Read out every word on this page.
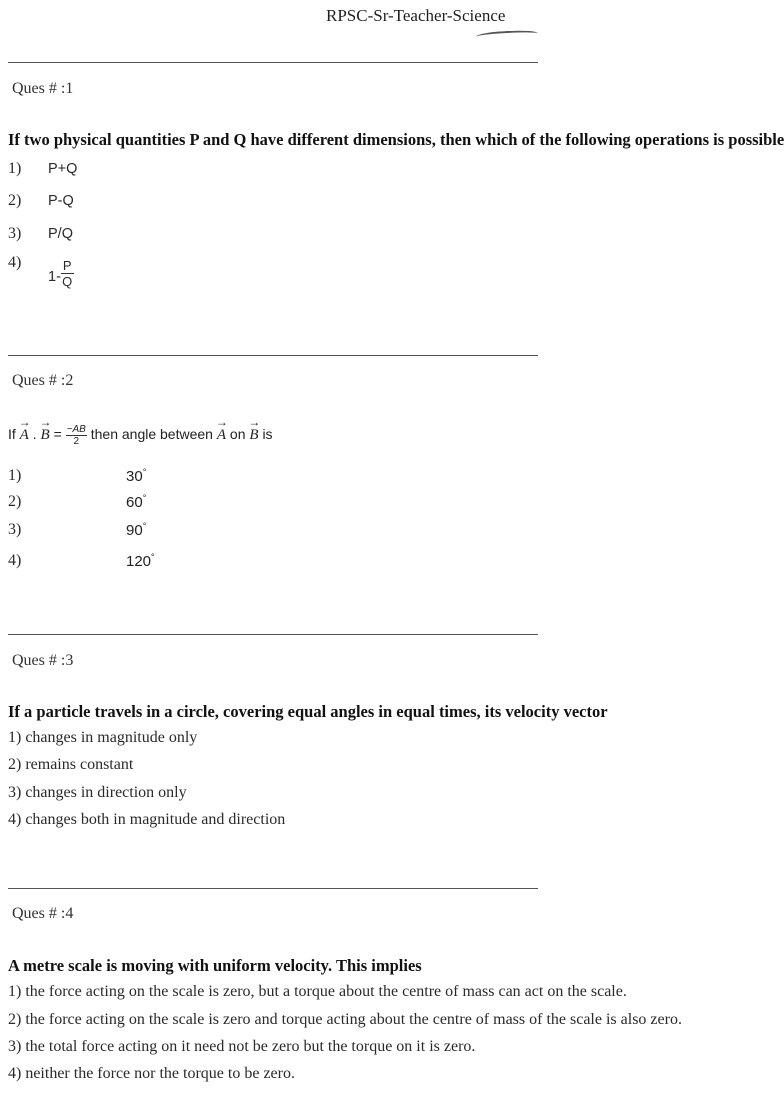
RPSC-Sr-Teacher-Science
Ques # :1
If two physical quantities P and Q have different dimensions, then which of the following operations is possible
1) P+Q
2) P-Q
3) P/Q
$4)1- \frac{P}{Q}$
Ques # :2
If → A . → $B = \frac{-AB}{2}$ then angle between → A on → B is
1)	30°
2)	60°
3)	90°
4)	120°
Ques # :3
If a particle travels in a circle, covering equal angles in equal times, its velocity vector
1) changes in magnitude only
2) remains constant
3) changes in direction only
4) changes both in magnitude and direction
Ques # :4
A metre scale is moving with uniform velocity. This implies
1) the force acting on the scale is zero, but a torque about the centre of mass can act on the scale.
2) the force acting on the scale is zero and torque acting about the centre of mass of the scale is also zero.
3) the total force acting on it need not be zero but the torque on it is zero.
4) neither the force nor the torque to be zero.
